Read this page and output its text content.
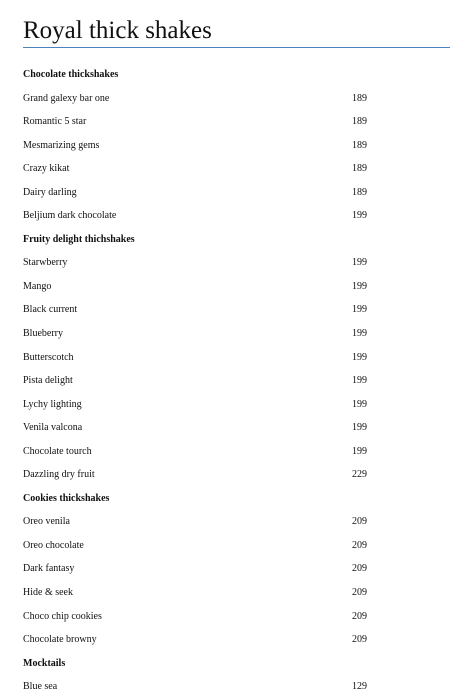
Royal thick shakes
Chocolate thickshakes
Grand galexy bar one	189
Romantic 5 star	189
Mesmarizing gems	189
Crazy kikat	189
Dairy darling	189
Beljium dark chocolate	199
Fruity delight thichshakes
Starwberry	199
Mango	199
Black current	199
Blueberry	199
Butterscotch	199
Pista delight	199
Lychy lighting	199
Venila valcona	199
Chocolate tourch	199
Dazzling dry fruit	229
Cookies thickshakes
Oreo venila	209
Oreo chocolate	209
Dark fantasy	209
Hide & seek	209
Choco chip cookies	209
Chocolate browny	209
Mocktails
Blue sea	129
